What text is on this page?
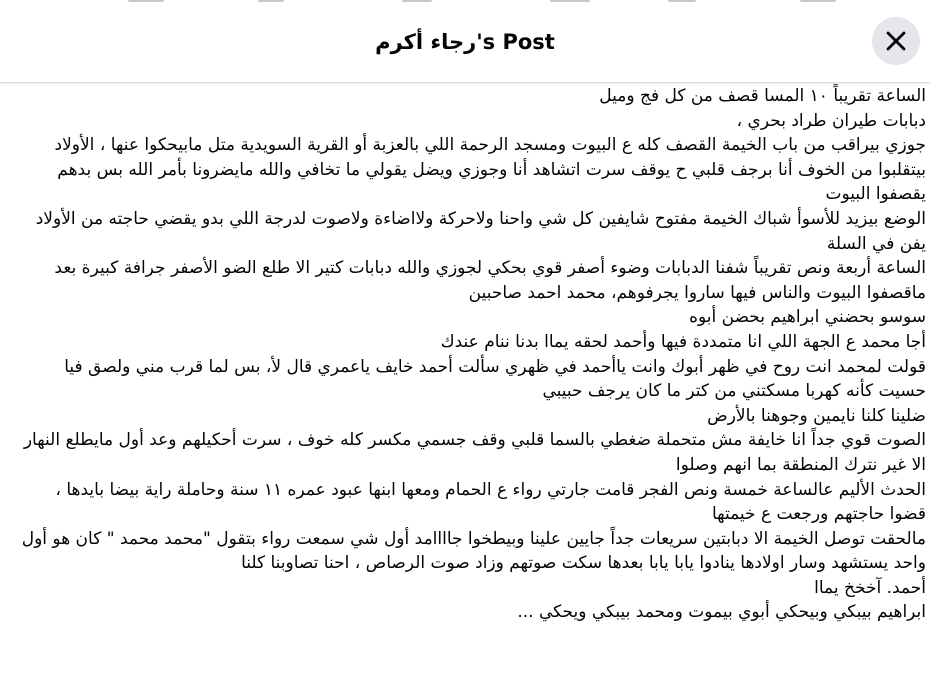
رجاء أكرم's Post

الساعة تقريباً ١٠ المسا قصف من كل فج وميل

دبابات طيران طراد بحري ،

جوزي بيراقب من باب الخيمة القصف كله ع البيوت ومسجد الرحمة اللي بالعزبة أو القرية السويدية متل مابيحكوا عنها ، الأولاد بيتقلبوا من الخوف أنا برجف قلبي ح يوقف سرت اتشاهد أنا وجوزي ويضل يقولي ما تخافي والله مايضرونا بأمر الله بس بدهم يقصفوا البيوت

الوضع بيزيد للأسوأ شباك الخيمة مفتوح شايفين كل شي واحنا ولاحركة ولااضاءة ولاصوت لدرجة اللي بدو يقضي حاجته من الأولاد يفن في السلة

الساعة أربعة ونص تقريباً شفنا الدبابات وضوء أصفر قوي بحكي لجوزي والله دبابات كتير الا طلع الضو الأصفر جرافة كبيرة بعد ماقصفوا البيوت والناس فيها ساروا يجرفوهم، محمد احمد صاحبين

سوسو بحضني ابراهيم بحضن أبوه

أجا محمد ع الجهة اللي انا متمددة فيها وأحمد لحقه يماا بدنا ننام عندك

قولت لمحمد انت روح في ظهر أبوك وانت ياأحمد في ظهري سألت أحمد خايف ياعمري قال لأ، بس لما قرب مني ولصق فيا حسيت كأنه كهربا مسكتني من كتر ما كان يرجف حبيبي

ضلينا كلنا نايمين وجوهنا بالأرض

الصوت قوي جداً انا خايفة مش متحملة ضغطي بالسما قلبي وقف جسمي مكسر كله خوف ، سرت أحكيلهم وعد أول مايطلع النهار الا غير نترك المنطقة بما انهم وصلوا

الحدث الأليم عالساعة خمسة ونص الفجر قامت جارتي رواء ع الحمام ومعها ابنها عبود عمره ١١ سنة وحاملة راية بيضا بايدها ، قضوا حاجتهم ورجعت ع خيمتها

مالحقت توصل الخيمة الا دبابتين سريعات جداً جايين علينا وبيطخوا جاااامد أول شي سمعت رواء بتقول "محمد محمد " كان هو أول واحد يستشهد وسار اولادها ينادوا يابا يابا بعدها سكت صوتهم وزاد صوت الرصاص ، احنا تصاوبنا كلنا

أحمد. آخخخ يماا

ابراهيم بيبكي وبيحكي أبوي بيموت ومحمد بيبكي ويحكي ...
